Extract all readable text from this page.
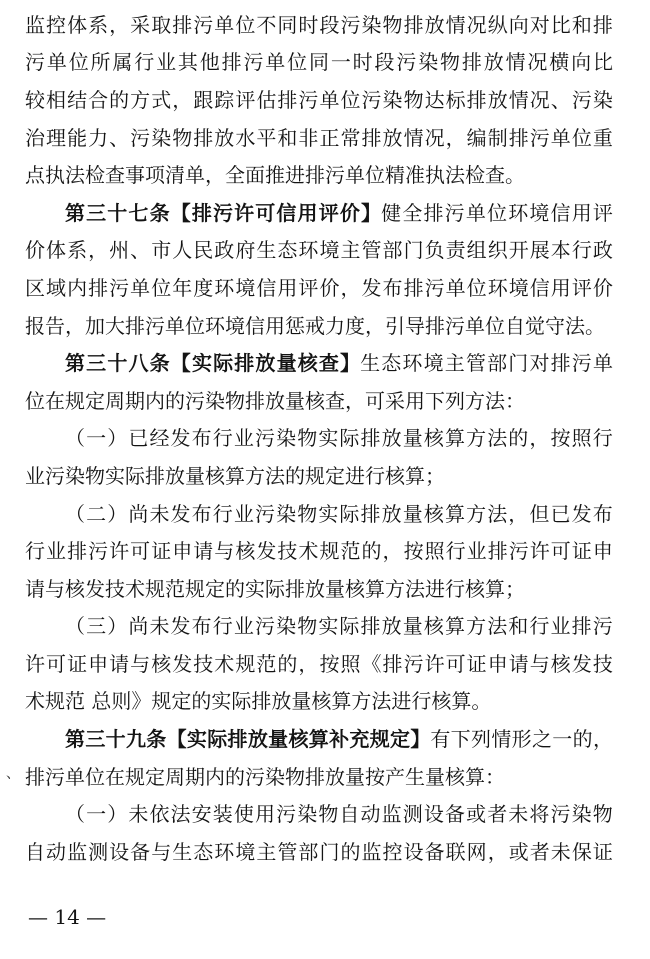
监 控 体 系 ， 采 取 排 污 单 位 不 同 时 段 污 染 物 排 放 情 况 纵 向 对 比 和 排
污 单 位 所 属 行 业 其 他 排 污 单 位 同 一 时 段 污 染 物 排 放 情 况 横 向 比
较 相 结 合 的 方 式 ， 跟 踪 评 估 排 污 单 位 污 染 物 达 标 排 放 情 况 、 污 染
治 理 能 力 、 污 染 物 排 放 水 平 和 非 正 常 排 放 情 况 ， 编 制 排 污 单 位 重
点执法检查事项清单，全面推进排污单位精准执法检查。
第 三 十 七 条 【 排 污 许 可 信 用 评 价 】 健 全 排 污 单 位 环 境 信 用 评
价 体 系 ， 州 、 市 人 民 政 府 生 态 环 境 主 管 部 门 负 责 组 织 开 展 本 行 政
区 域 内 排 污 单 位 年 度 环 境 信 用 评 价 ， 发 布 排 污 单 位 环 境 信 用 评 价
报告，加大排污单位环境信用惩戒力度，引导排污单位自觉守法。
第 三 十 八 条 【 实 际 排 放 量 核 查 】 生 态 环 境 主 管 部 门 对 排 污 单
位在规定周期内的污染物排放量核查，可采用下列方法：
（ 一 ） 已 经 发 布 行 业 污 染 物 实 际 排 放 量 核 算 方 法 的 ， 按 照 行
业污染物实际排放量核算方法的规定进行核算；
（ 二 ） 尚 未 发 布 行 业 污 染 物 实 际 排 放 量 核 算 方 法 ， 但 已 发 布
行 业 排 污 许 可 证 申 请 与 核 发 技 术 规 范 的 ， 按 照 行 业 排 污 许 可 证 申
请与核发技术规范规定的实际排放量核算方法进行核算；
（ 三 ） 尚 未 发 布 行 业 污 染 物 实 际 排 放 量 核 算 方 法 和 行 业 排 污
许 可 证 申 请 与 核 发 技 术 规 范 的 ， 按 照 《 排 污 许 可 证 申 请 与 核 发 技
术规范 总则》规定的实际排放量核算方法进行核算。
第 三 十 九 条 【 实 际 排 放 量 核 算 补 充 规 定 】 有 下 列 情 形 之 一 的 ，
排污单位在规定周期内的污染物排放量按产生量核算：
（ 一 ） 未 依 法 安 装 使 用 污 染 物 自 动 监 测 设 备 或 者 未 将 污 染 物
自 动 监 测 设 备 与 生 态 环 境 主 管 部 门 的 监 控 设 备 联 网 ， 或 者 未 保 证
、
— 14 —
